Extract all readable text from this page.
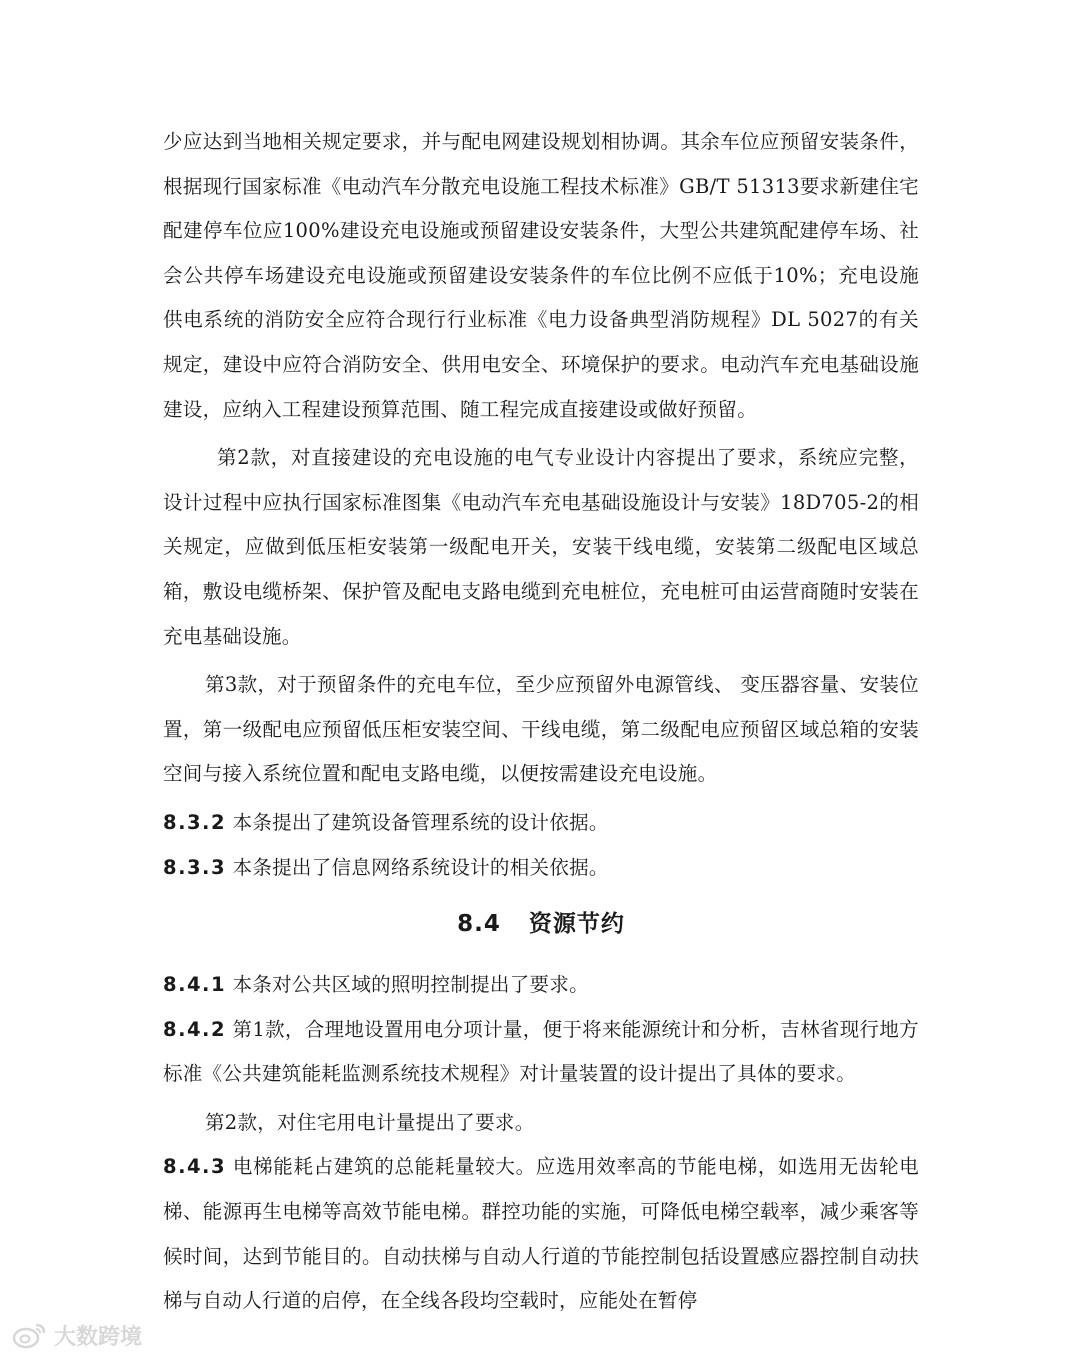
少应达到当地相关规定要求，并与配电网建设规划相协调。其余车位应预留安装条件，根据现行国家标准《电动汽车分散充电设施工程技术标准》GB/T 51313要求新建住宅配建停车位应100%建设充电设施或预留建设安装条件，大型公共建筑配建停车场、社会公共停车场建设充电设施或预留建设安装条件的车位比例不应低于10%；充电设施供电系统的消防安全应符合现行行业标准《电力设备典型消防规程》DL 5027的有关规定，建设中应符合消防安全、供用电安全、环境保护的要求。电动汽车充电基础设施建设，应纳入工程建设预算范围、随工程完成直接建设或做好预留。

第2款，对直接建设的充电设施的电气专业设计内容提出了要求，系统应完整，设计过程中应执行国家标准图集《电动汽车充电基础设施设计与安装》18D705-2的相关规定，应做到低压柜安装第一级配电开关，安装干线电缆，安装第二级配电区域总箱，敷设电缆桥架、保护管及配电支路电缆到充电桩位，充电桩可由运营商随时安装在充电基础设施。

第3款，对于预留条件的充电车位，至少应预留外电源管线、 变压器容量、安装位置，第一级配电应预留低压柜安装空间、干线电缆，第二级配电应预留区域总箱的安装空间与接入系统位置和配电支路电缆，以便按需建设充电设施。

8.3.2 本条提出了建筑设备管理系统的设计依据。

8.3.3 本条提出了信息网络系统设计的相关依据。

8.4 资源节约

8.4.1 本条对公共区域的照明控制提出了要求。

8.4.2 第1款，合理地设置用电分项计量，便于将来能源统计和分析，吉林省现行地方标准《公共建筑能耗监测系统技术规程》对计量装置的设计提出了具体的要求。

第2款，对住宅用电计量提出了要求。

8.4.3 电梯能耗占建筑的总能耗量较大。应选用效率高的节能电梯，如选用无齿轮电梯、能源再生电梯等高效节能电梯。群控功能的实施，可降低电梯空载率，减少乘客等候时间，达到节能目的。自动扶梯与自动人行道的节能控制包括设置感应器控制自动扶梯与自动人行道的启停，在全线各段均空载时，应能处在暂停

大数跨境
